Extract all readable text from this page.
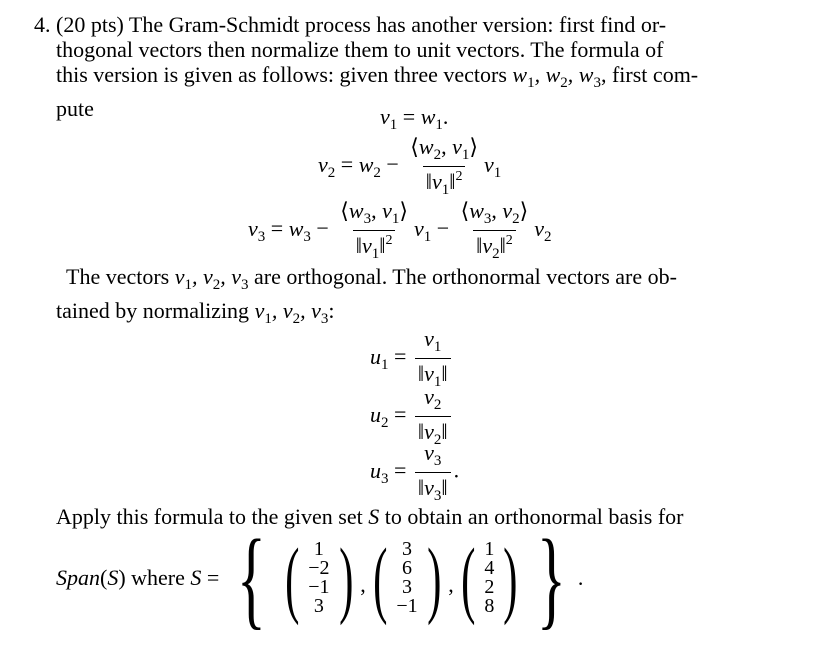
4. (20 pts) The Gram-Schmidt process has another version: first find or-
thogonal vectors then normalize them to unit vectors. The formula of
this version is given as follows: given three vectors $w_1$, $w_2$, $w_3$, first com-
pute	$v_1 = w_1$.
$v_2 = w_2 - \frac{⟨w_2, v_1⟩}{‖v_1‖^2} v_1$
$v_3 = w_3 - \frac{⟨w_3, v_1⟩}{‖v_1‖^2} v_1 - \frac{⟨w_3, v_2⟩}{‖v_2‖^2} v_2$
The vectors $v_1$, $v_2$, $v_3$ are orthogonal. The orthonormal vectors are ob-
tained by normalizing $v_1$, $v_2$, $v_3$:
$u_1 = \frac{v_1}{‖v_1‖}$
$u_2 = \frac{v_2}{‖v_2‖}$
$u_3 = \frac{v_3}{‖v_3‖}$ .
Apply this formula to the given set S to obtain an orthonormal basis for
Span (S) where S = { ( 1
−2
−1
3 ) , ( 3
6
3
−1 ) , ( 1
4
2
8 ) } .
